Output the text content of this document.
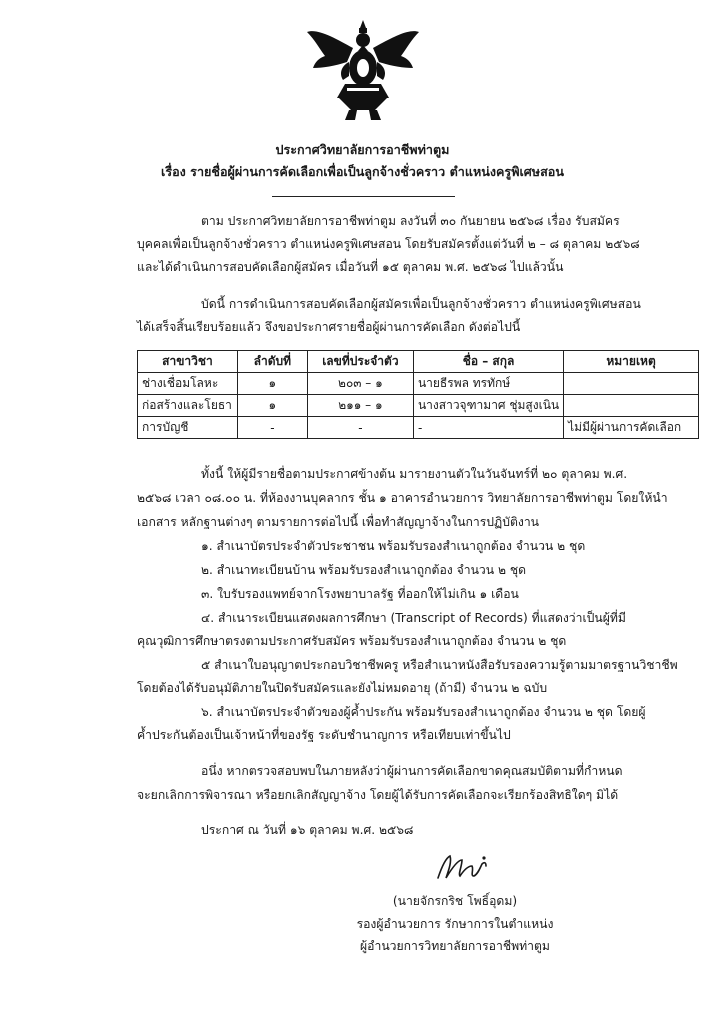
ประกาศวิทยาลัยการอาชีพท่าตูม
เรื่อง รายชื่อผู้ผ่านการคัดเลือกเพื่อเป็นลูกจ้างชั่วคราว ตำแหน่งครูพิเศษสอน
ตาม ประกาศวิทยาลัยการอาชีพท่าตูม ลงวันที่ ๓๐ กันยายน ๒๕๖๘ เรื่อง รับสมัคร
บุคคลเพื่อเป็นลูกจ้างชั่วคราว ตำแหน่งครูพิเศษสอน โดยรับสมัครตั้งแต่วันที่ ๒ – ๘ ตุลาคม ๒๕๖๘
และได้ดำเนินการสอบคัดเลือกผู้สมัคร เมื่อวันที่ ๑๕ ตุลาคม พ.ศ. ๒๕๖๘ ไปแล้วนั้น
บัดนี้ การดำเนินการสอบคัดเลือกผู้สมัครเพื่อเป็นลูกจ้างชั่วคราว ตำแหน่งครูพิเศษสอน
ได้เสร็จสิ้นเรียบร้อยแล้ว จึงขอประกาศรายชื่อผู้ผ่านการคัดเลือก ดังต่อไปนี้
สาขาวิชา	ลำดับที่	เลขที่ประจำตัว	ชื่อ – สกุล	หมายเหตุ
ช่างเชื่อมโลหะ	๑	๒๐๓ – ๑	นายธีรพล ทรทักษ์	
ก่อสร้างและโยธา	๑	๒๑๑ – ๑	นางสาวจุฑามาศ ชุ่มสูงเนิน	
การบัญชี	-	-	-	ไม่มีผู้ผ่านการคัดเลือก
ทั้งนี้ ให้ผู้มีรายชื่อตามประกาศข้างต้น มารายงานตัวในวันจันทร์ที่ ๒๐ ตุลาคม พ.ศ.
๒๕๖๘ เวลา ๐๘.๐๐ น. ที่ห้องงานบุคลากร ชั้น ๑ อาคารอำนวยการ วิทยาลัยการอาชีพท่าตูม โดยให้นำ
เอกสาร หลักฐานต่างๆ ตามรายการต่อไปนี้ เพื่อทำสัญญาจ้างในการปฏิบัติงาน
๑. สำเนาบัตรประจำตัวประชาชน พร้อมรับรองสำเนาถูกต้อง จำนวน ๒ ชุด
๒. สำเนาทะเบียนบ้าน พร้อมรับรองสำเนาถูกต้อง จำนวน ๒ ชุด
๓. ใบรับรองแพทย์จากโรงพยาบาลรัฐ ที่ออกให้ไม่เกิน ๑ เดือน
๔. สำเนาระเบียนแสดงผลการศึกษา (Transcript of Records) ที่แสดงว่าเป็นผู้ที่มี
คุณวุฒิการศึกษาตรงตามประกาศรับสมัคร พร้อมรับรองสำเนาถูกต้อง จำนวน ๒ ชุด
๕ สำเนาใบอนุญาตประกอบวิชาชีพครู หรือสำเนาหนังสือรับรองความรู้ตามมาตรฐานวิชาชีพ
โดยต้องได้รับอนุมัติภายในปิดรับสมัครและยังไม่หมดอายุ (ถ้ามี) จำนวน ๒ ฉบับ
๖. สำเนาบัตรประจำตัวของผู้ค้ำประกัน พร้อมรับรองสำเนาถูกต้อง จำนวน ๒ ชุด โดยผู้
ค้ำประกันต้องเป็นเจ้าหน้าที่ของรัฐ ระดับชำนาญการ หรือเทียบเท่าขึ้นไป
อนึ่ง หากตรวจสอบพบในภายหลังว่าผู้ผ่านการคัดเลือกขาดคุณสมบัติตามที่กำหนด
จะยกเลิกการพิจารณา หรือยกเลิกสัญญาจ้าง โดยผู้ได้รับการคัดเลือกจะเรียกร้องสิทธิใดๆ มิได้
ประกาศ ณ วันที่ ๑๖ ตุลาคม พ.ศ. ๒๕๖๘
(นายจักรกริช โพธิ์อุดม)
รองผู้อำนวยการ รักษาการในตำแหน่ง
ผู้อำนวยการวิทยาลัยการอาชีพท่าตูม
